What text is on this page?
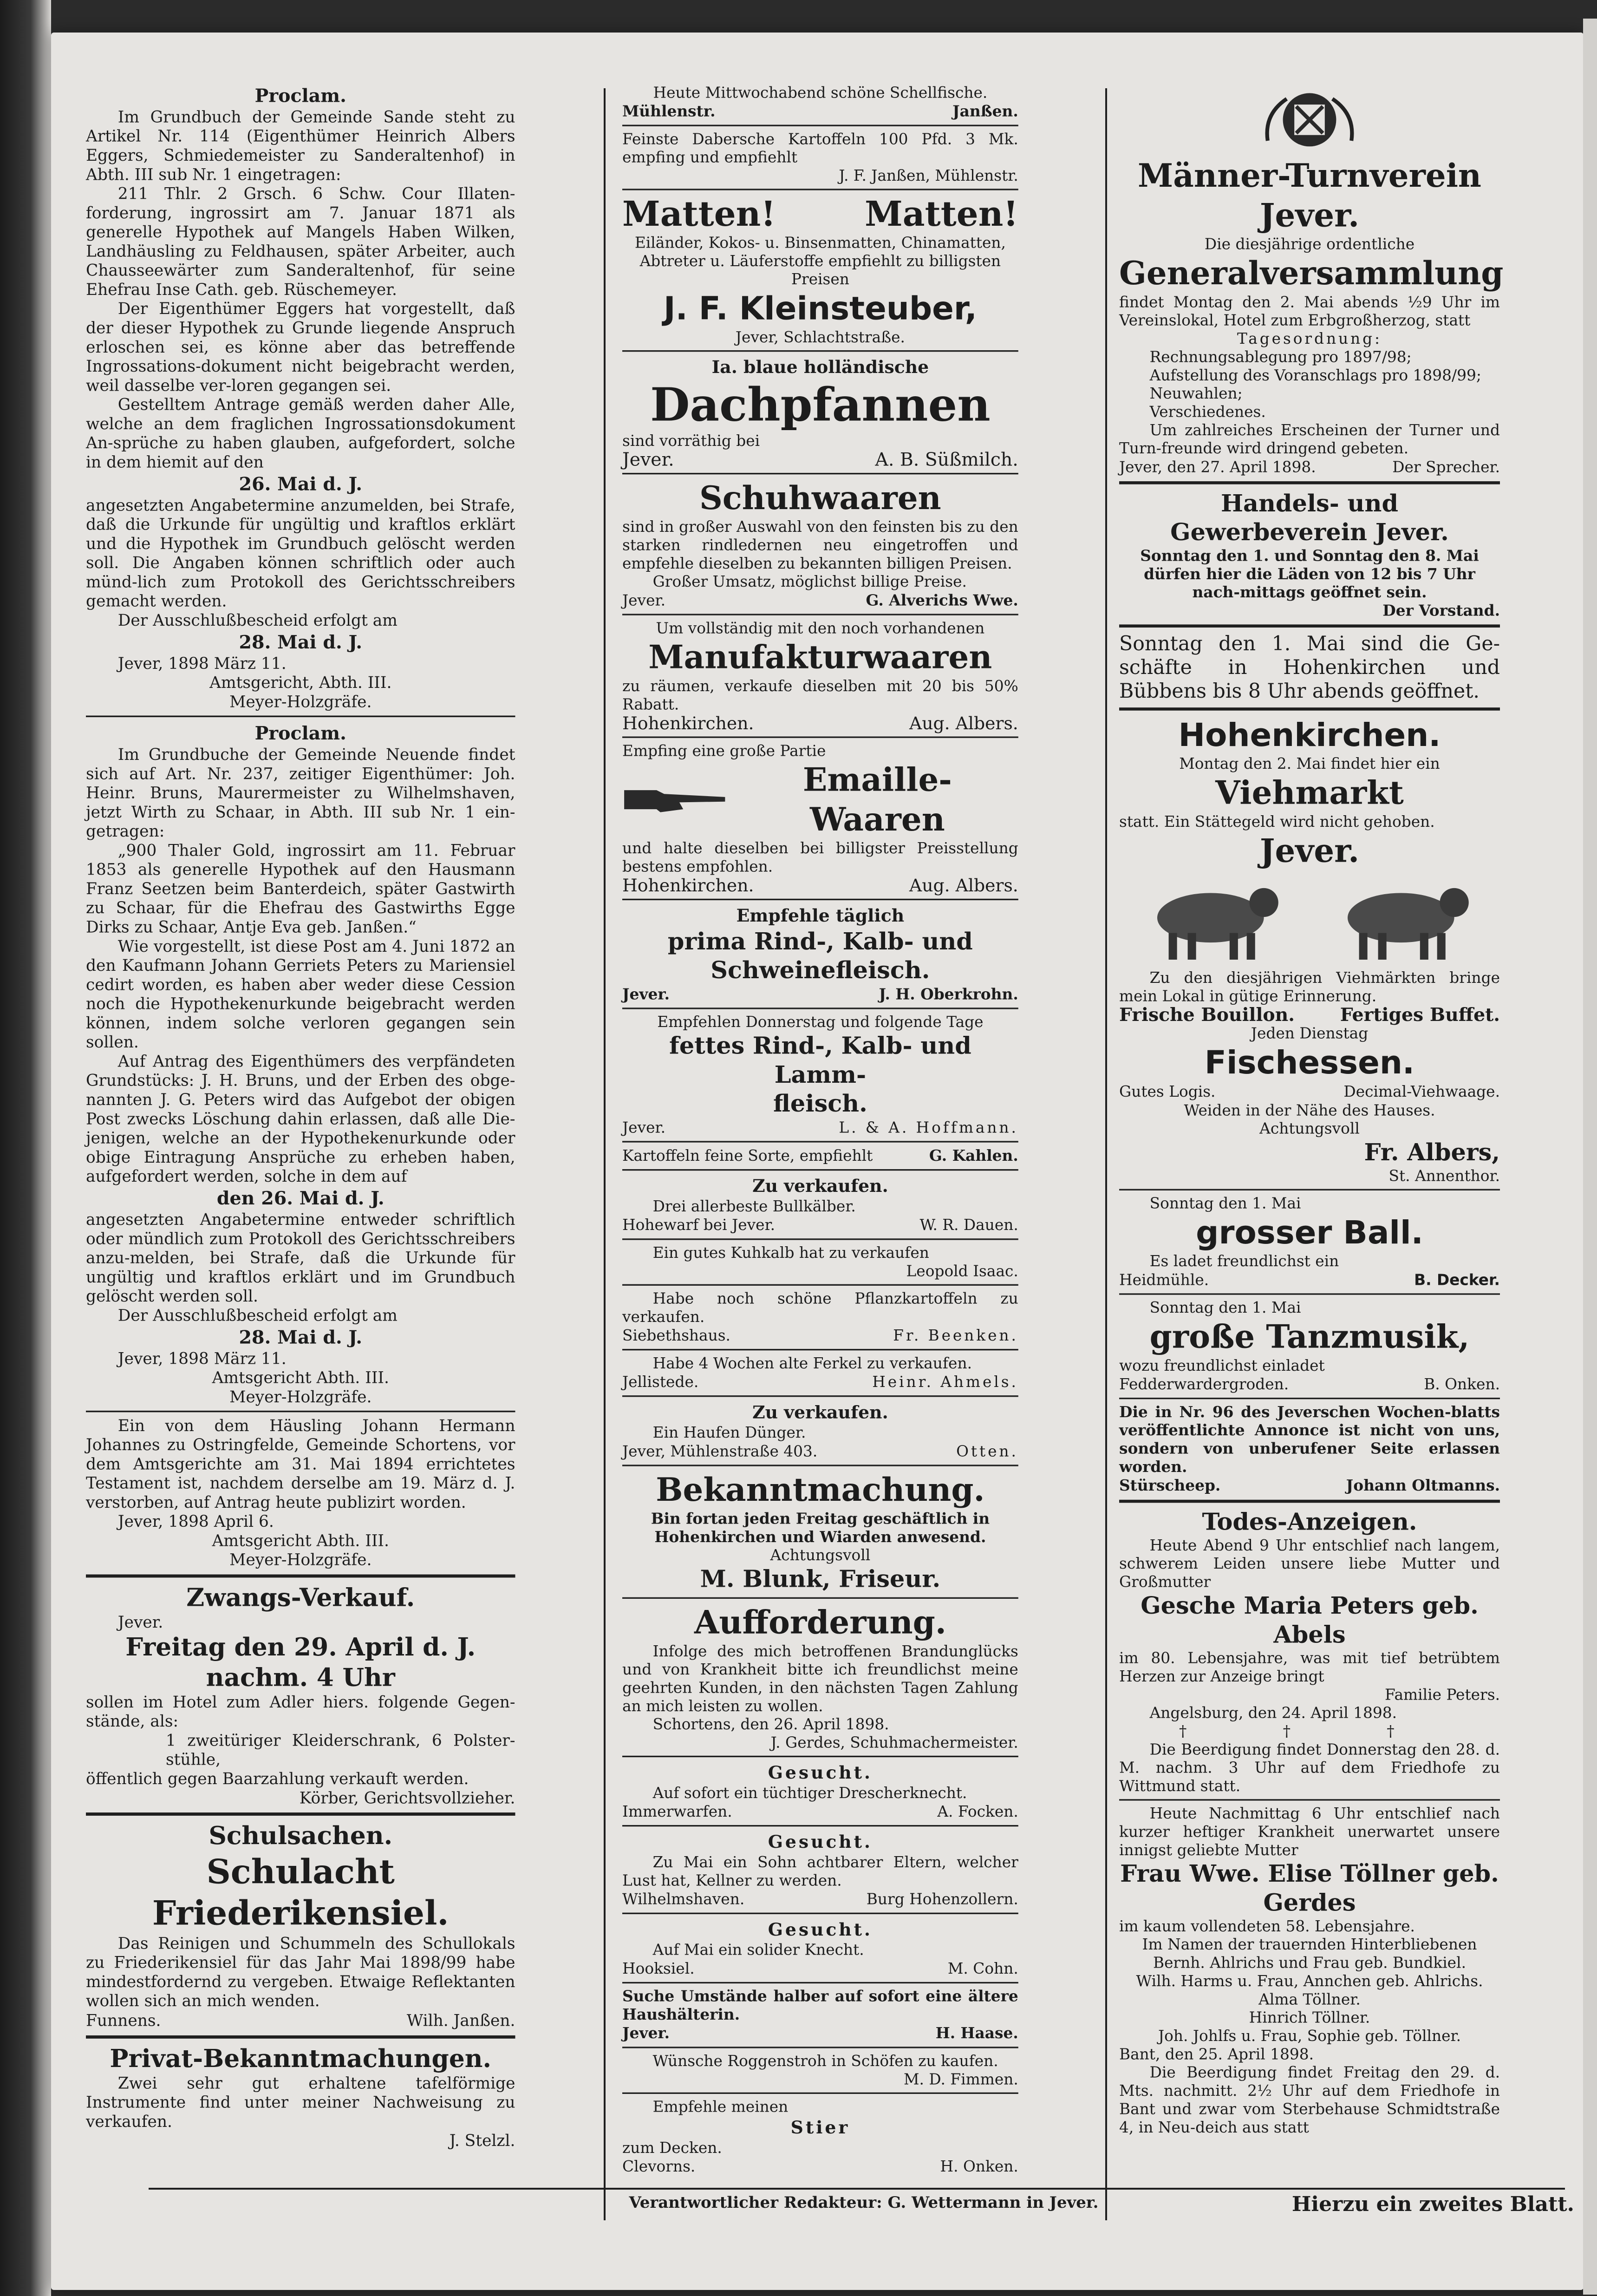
Proclam.

Im Grundbuch der Gemeinde Sande steht zu Artikel Nr. 114 (Eigenthümer Heinrich Albers Eggers, Schmiedemeister zu Sanderaltenhof) in Abth. III sub Nr. 1 eingetragen:

211 Thlr. 2 Grsch. 6 Schw. Cour Illaten-forderung, ingrossirt am 7. Januar 1871 als generelle Hypothek auf Mangels Haben Wilken, Landhäusling zu Feldhausen, später Arbeiter, auch Chausseewärter zum Sanderaltenhof, für seine Ehefrau Inse Cath. geb. Rüschemeyer.

Der Eigenthümer Eggers hat vorgestellt, daß der dieser Hypothek zu Grunde liegende Anspruch erloschen sei, es könne aber das betreffende Ingrossations-dokument nicht beigebracht werden, weil dasselbe ver-loren gegangen sei.

Gestelltem Antrage gemäß werden daher Alle, welche an dem fraglichen Ingrossationsdokument An-sprüche zu haben glauben, aufgefordert, solche in dem hiemit auf den

26. Mai d. J.

angesetzten Angabetermine anzumelden, bei Strafe, daß die Urkunde für ungültig und kraftlos erklärt und die Hypothek im Grundbuch gelöscht werden soll. Die Angaben können schriftlich oder auch münd-lich zum Protokoll des Gerichtsschreibers gemacht werden.

Der Ausschlußbescheid erfolgt am

28. Mai d. J.

Jever, 1898 März 11.

Amtsgericht, Abth. III.

Meyer-Holzgräfe.

Proclam.

Im Grundbuche der Gemeinde Neuende findet sich auf Art. Nr. 237, zeitiger Eigenthümer: Joh. Heinr. Bruns, Maurermeister zu Wilhelmshaven, jetzt Wirth zu Schaar, in Abth. III sub Nr. 1 ein-getragen:

„900 Thaler Gold, ingrossirt am 11. Februar 1853 als generelle Hypothek auf den Hausmann Franz Seetzen beim Banterdeich, später Gastwirth zu Schaar, für die Ehefrau des Gastwirths Egge Dirks zu Schaar, Antje Eva geb. Janßen.“

Wie vorgestellt, ist diese Post am 4. Juni 1872 an den Kaufmann Johann Gerriets Peters zu Mariensiel cedirt worden, es haben aber weder diese Cession noch die Hypothekenurkunde beigebracht werden können, indem solche verloren gegangen sein sollen.

Auf Antrag des Eigenthümers des verpfändeten Grundstücks: J. H. Bruns, und der Erben des obge-nannten J. G. Peters wird das Aufgebot der obigen Post zwecks Löschung dahin erlassen, daß alle Die-jenigen, welche an der Hypothekenurkunde oder obige Eintragung Ansprüche zu erheben haben, aufgefordert werden, solche in dem auf

den 26. Mai d. J.

angesetzten Angabetermine entweder schriftlich oder mündlich zum Protokoll des Gerichtsschreibers anzu-melden, bei Strafe, daß die Urkunde für ungültig und kraftlos erklärt und im Grundbuch gelöscht werden soll.

Der Ausschlußbescheid erfolgt am

28. Mai d. J.

Jever, 1898 März 11.

Amtsgericht Abth. III.

Meyer-Holzgräfe.

Ein von dem Häusling Johann Hermann Johannes zu Ostringfelde, Gemeinde Schortens, vor dem Amtsgerichte am 31. Mai 1894 errichtetes Testament ist, nachdem derselbe am 19. März d. J. verstorben, auf Antrag heute publizirt worden.

Jever, 1898 April 6.

Amtsgericht Abth. III.

Meyer-Holzgräfe.

Zwangs-Verkauf.

Jever.

Freitag den 29. April d. J.
nachm. 4 Uhr

sollen im Hotel zum Adler hiers. folgende Gegen-stände, als:

1 zweitüriger Kleiderschrank, 6 Polster-stühle,

öffentlich gegen Baarzahlung verkauft werden.

Körber, Gerichtsvollzieher.

Schulsachen.
Schulacht Friederikensiel.

Das Reinigen und Schummeln des Schullokals zu Friederikensiel für das Jahr Mai 1898/99 habe mindestfordernd zu vergeben. Etwaige Reflektanten wollen sich an mich wenden.

Funnens.	Wilh. Janßen.
Privat-Bekanntmachungen.

Zwei sehr gut erhaltene tafelförmige Instrumente find unter meiner Nachweisung zu verkaufen.

J. Stelzl.

Heute Mittwochabend schöne Schellfische.

Mühlenstr.	Janßen.

Feinste Dabersche Kartoffeln 100 Pfd. 3 Mk. empfing und empfiehlt

J. F. Janßen, Mühlenstr.

Matten! Matten!

Eiländer, Kokos- u. Binsenmatten, Chinamatten, Abtreter u. Läuferstoffe empfiehlt zu billigsten Preisen

J. F. Kleinsteuber,

Jever, Schlachtstraße.

Ia. blaue holländische
Dachpfannen

sind vorräthig bei

Jever.	A. B. Süßmilch.
Schuhwaaren

sind in großer Auswahl von den feinsten bis zu den starken rindledernen neu eingetroffen und empfehle dieselben zu bekannten billigen Preisen.

Großer Umsatz, möglichst billige Preise.

Jever.	G. Alverichs Wwe.

Um vollständig mit den noch vorhandenen

Manufakturwaaren

zu räumen, verkaufe dieselben mit 20 bis 50% Rabatt.

Hohenkirchen.	Aug. Albers.

Empfing eine große Partie

Emaille-Waaren

und halte dieselben bei billigster Preisstellung bestens empfohlen.

Hohenkirchen.	Aug. Albers.
Empfehle täglich
prima Rind-, Kalb- und
Schweinefleisch.
Jever.	J. H. Oberkrohn.

Empfehlen Donnerstag und folgende Tage

fettes Rind-, Kalb- und Lamm-
fleisch.
Jever.	L. & A. Hoffmann.
Kartoffeln feine Sorte, empfiehlt	G. Kahlen.
Zu verkaufen.

Drei allerbeste Bullkälber.

Hohewarf bei Jever.	W. R. Dauen.

Ein gutes Kuhkalb hat zu verkaufen

Leopold Isaac.

Habe noch schöne Pflanzkartoffeln zu verkaufen.

Siebethshaus.	Fr. Beenken.

Habe 4 Wochen alte Ferkel zu verkaufen.

Jellistede.	Heinr. Ahmels.
Zu verkaufen.

Ein Haufen Dünger.

Jever, Mühlenstraße 403.	Otten.
Bekanntmachung.

Bin fortan jeden Freitag geschäftlich in Hohenkirchen und Wiarden anwesend.

Achtungsvoll

M. Blunk, Friseur.
Aufforderung.

Infolge des mich betroffenen Brandunglücks und von Krankheit bitte ich freundlichst meine geehrten Kunden, in den nächsten Tagen Zahlung an mich leisten zu wollen.

Schortens, den 26. April 1898.

J. Gerdes, Schuhmachermeister.

Gesucht.

Auf sofort ein tüchtiger Drescherknecht.

Immerwarfen.	A. Focken.
Gesucht.

Zu Mai ein Sohn achtbarer Eltern, welcher Lust hat, Kellner zu werden.

Wilhelmshaven.	Burg Hohenzollern.
Gesucht.

Auf Mai ein solider Knecht.

Hooksiel.	M. Cohn.

Suche Umstände halber auf sofort eine ältere Haushälterin.

Jever.	H. Haase.

Wünsche Roggenstroh in Schöfen zu kaufen.

M. D. Fimmen.

Empfehle meinen

Stier

zum Decken.

Clevorns.	H. Onken.
Verantwortlicher Redakteur: G. Wettermann in Jever.
Männer-Turnverein Jever.

Die diesjährige ordentliche

Generalversammlung

findet Montag den 2. Mai abends ½9 Uhr im Vereinslokal, Hotel zum Erbgroßherzog, statt

Tagesordnung:

Rechnungsablegung pro 1897/98;

Aufstellung des Voranschlags pro 1898/99;

Neuwahlen;

Verschiedenes.

Um zahlreiches Erscheinen der Turner und Turn-freunde wird dringend gebeten.

Jever, den 27. April 1898.	Der Sprecher.
Handels- und Gewerbeverein Jever.

Sonntag den 1. und Sonntag den 8. Mai dürfen hier die Läden von 12 bis 7 Uhr nach-mittags geöffnet sein.

Der Vorstand.

Sonntag den 1. Mai sind die Ge-schäfte in Hohenkirchen und Bübbens bis 8 Uhr abends geöffnet.

Hohenkirchen.

Montag den 2. Mai findet hier ein

Viehmarkt

statt. Ein Stättegeld wird nicht gehoben.

Jever.

Zu den diesjährigen Viehmärkten bringe mein Lokal in gütige Erinnerung.

Frische Bouillon. Fertiges Buffet.

Jeden Dienstag

Fischessen.
Gutes Logis.	Decimal-Viehwaage.

Weiden in der Nähe des Hauses.

Achtungsvoll

Fr. Albers,

St. Annenthor.

Sonntag den 1. Mai

grosser Ball.

Es ladet freundlichst ein

Heidmühle.	B. Decker.

Sonntag den 1. Mai

große Tanzmusik,

wozu freundlichst einladet

Fedderwardergroden.	B. Onken.

Die in Nr. 96 des Jeverschen Wochen-blatts veröffentlichte Annonce ist nicht von uns, sondern von unberufener Seite erlassen worden.

Stürscheep.	Johann Oltmanns.
Todes-Anzeigen.

Heute Abend 9 Uhr entschlief nach langem, schwerem Leiden unsere liebe Mutter und Großmutter

Gesche Maria Peters geb. Abels

im 80. Lebensjahre, was mit tief betrübtem Herzen zur Anzeige bringt

Familie Peters.

Angelsburg, den 24. April 1898.

† † †

Die Beerdigung findet Donnerstag den 28. d. M. nachm. 3 Uhr auf dem Friedhofe zu Wittmund statt.

Heute Nachmittag 6 Uhr entschlief nach kurzer heftiger Krankheit unerwartet unsere innigst geliebte Mutter

Frau Wwe. Elise Töllner geb. Gerdes

im kaum vollendeten 58. Lebensjahre.

Im Namen der trauernden Hinterbliebenen

Bernh. Ahlrichs und Frau geb. Bundkiel.

Wilh. Harms u. Frau, Annchen geb. Ahlrichs.

Alma Töllner.

Hinrich Töllner.

Joh. Johlfs u. Frau, Sophie geb. Töllner.

Bant, den 25. April 1898.

Die Beerdigung findet Freitag den 29. d. Mts. nachmitt. 2½ Uhr auf dem Friedhofe in Bant und zwar vom Sterbehause Schmidtstraße 4, in Neu-deich aus statt

Hierzu ein zweites Blatt.
